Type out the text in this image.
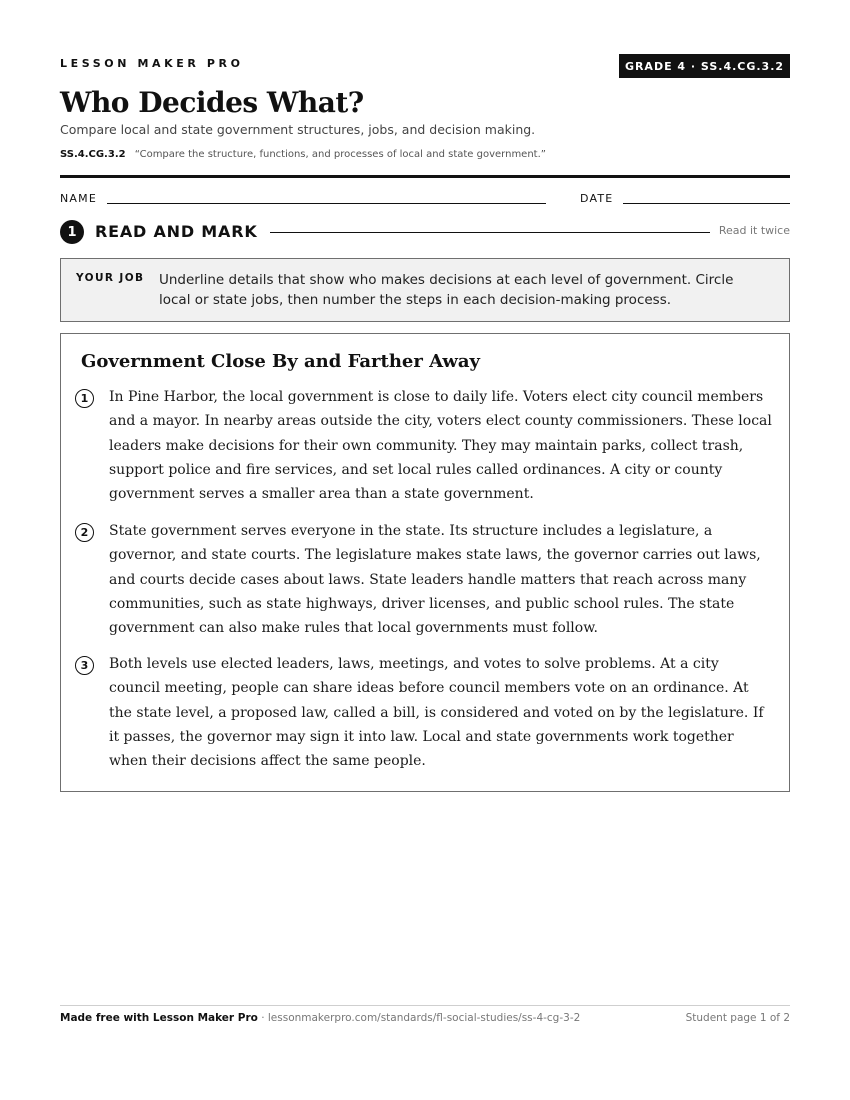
LESSON MAKER PRO	GRADE 4 · SS.4.CG.3.2
Who Decides What?
Compare local and state government structures, jobs, and decision making.
SS.4.CG.3.2 “Compare the structure, functions, and processes of local and state government.”
NAME	DATE
1	READ AND MARK	Read it twice
YOUR JOB Underline details that show who makes decisions at each level of government. Circle local or state jobs, then number the steps in each decision-making process.
Government Close By and Farther Away
1	In Pine Harbor, the local government is close to daily life. Voters elect city council members and a mayor. In nearby areas outside the city, voters elect county commissioners. These local leaders make decisions for their own community. They may maintain parks, collect trash, support police and fire services, and set local rules called ordinances. A city or county government serves a smaller area than a state government.

2	State government serves everyone in the state. Its structure includes a legislature, a governor, and state courts. The legislature makes state laws, the governor carries out laws, and courts decide cases about laws. State leaders handle matters that reach across many communities, such as state highways, driver licenses, and public school rules. The state government can also make rules that local governments must follow.

3	Both levels use elected leaders, laws, meetings, and votes to solve problems. At a city council meeting, people can share ideas before council members vote on an ordinance. At the state level, a proposed law, called a bill, is considered and voted on by the legislature. If it passes, the governor may sign it into law. Local and state governments work together when their decisions affect the same people.

Made free with Lesson Maker Pro · lessonmakerpro.com/standards/fl-social-studies/ss-4-cg-3-2	Student page 1 of 2
